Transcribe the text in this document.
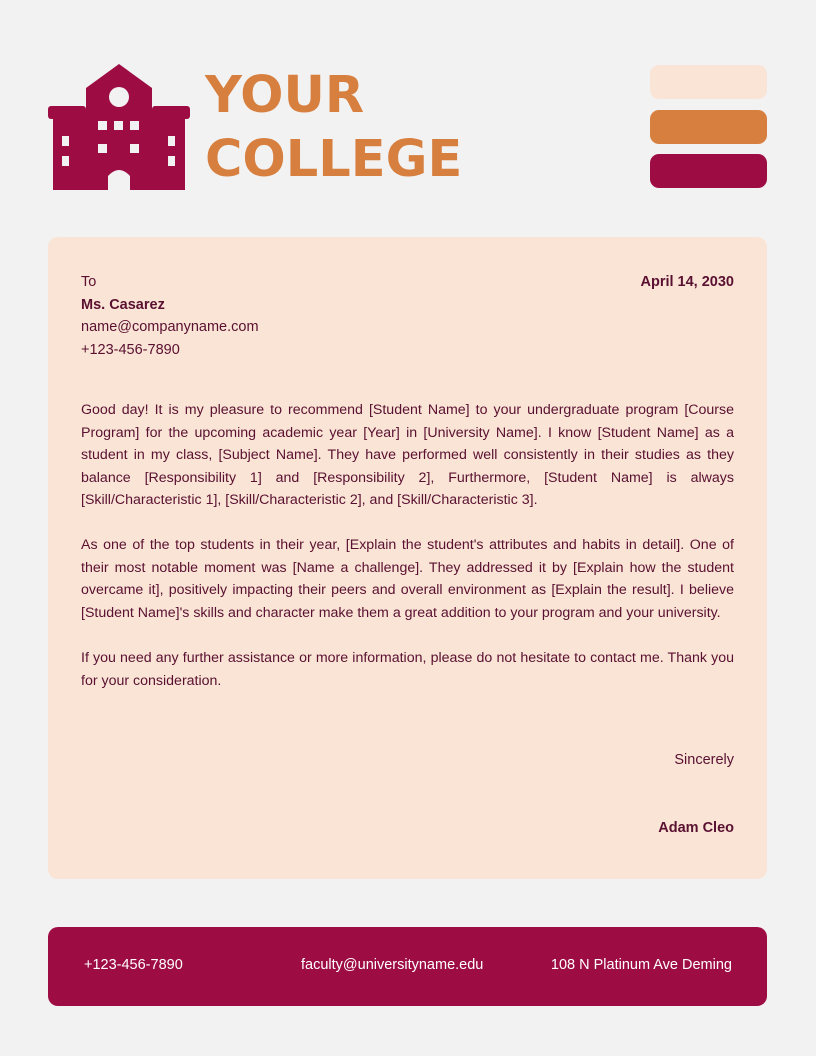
YOUR
COLLEGE
To
Ms. Casarez
name@companyname.com
+123-456-7890
April 14, 2030

Good day! It is my pleasure to recommend [Student Name] to your undergraduate program [Course Program] for the upcoming academic year [Year] in [University Name]. I know [Student Name] as a student in my class, [Subject Name]. They have performed well consistently in their studies as they balance [Responsibility 1] and [Responsibility 2], Furthermore, [Student Name] is always [Skill/Characteristic 1], [Skill/Characteristic 2], and [Skill/Characteristic 3].

As one of the top students in their year, [Explain the student's attributes and habits in detail]. One of their most notable moment was [Name a challenge]. They addressed it by [Explain how the student overcame it], positively impacting their peers and overall environment as [Explain the result]. I believe [Student Name]'s skills and character make them a great addition to your program and your university.

If you need any further assistance or more information, please do not hesitate to contact me. Thank you for your consideration.

Sincerely
Adam Cleo
+123-456-7890	faculty@universityname.edu	108 N Platinum Ave Deming
